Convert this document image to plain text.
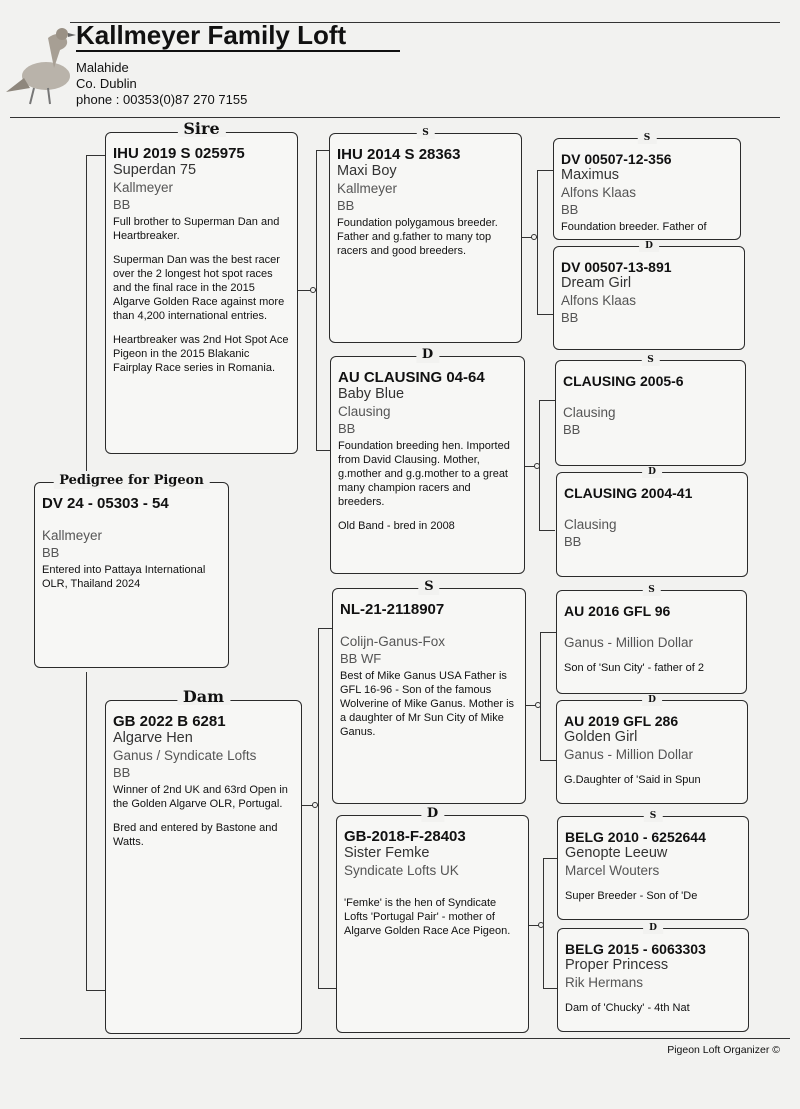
Kallmeyer Family Loft
Malahide
Co. Dublin
phone : 00353(0)87 270 7155
Pedigree for Pigeon
DV 24 - 05303 - 54
Kallmeyer
BB
Entered into Pattaya International OLR, Thailand 2024
Sire
IHU 2019 S 025975
Superdan 75
Kallmeyer
BB
Full brother to Superman Dan and Heartbreaker.
Superman Dan was the best racer over the 2 longest hot spot races and the final race in the 2015 Algarve Golden Race against more than 4,200 international entries.
Heartbreaker was 2nd Hot Spot Ace Pigeon in the 2015 Blakanic Fairplay Race series in Romania.
Dam
GB 2022 B 6281
Algarve Hen
Ganus / Syndicate Lofts
BB
Winner of 2nd UK and 63rd Open in the Golden Algarve OLR, Portugal.
Bred and entered by Bastone and Watts.
S
IHU 2014 S 28363
Maxi Boy
Kallmeyer
BB
Foundation polygamous breeder. Father and g.father to many top racers and good breeders.
D
AU CLAUSING 04-64
Baby Blue
Clausing
BB
Foundation breeding hen. Imported from David Clausing. Mother, g.mother and g.g.mother to a great many champion racers and breeders.
Old Band - bred in 2008
S
NL-21-2118907
Colijn-Ganus-Fox
BB WF
Best of Mike Ganus USA Father is GFL 16-96 - Son of the famous Wolverine of Mike Ganus. Mother is a daughter of Mr Sun City of Mike Ganus.
D
GB-2018-F-28403
Sister Femke
Syndicate Lofts UK
'Femke' is the hen of Syndicate Lofts 'Portugal Pair' - mother of Algarve Golden Race Ace Pigeon.
S
DV 00507-12-356
Maximus
Alfons Klaas
BB
Foundation breeder. Father of
D
DV 00507-13-891
Dream Girl
Alfons Klaas
BB
S
CLAUSING 2005-6
Clausing
BB
D
CLAUSING 2004-41
Clausing
BB
S
AU 2016 GFL 96
Ganus - Million Dollar
Son of 'Sun City' - father of 2
D
AU 2019 GFL 286
Golden Girl
Ganus - Million Dollar
G.Daughter of 'Said in Spun
S
BELG 2010 - 6252644
Genopte Leeuw
Marcel Wouters
Super Breeder - Son of 'De
D
BELG 2015 - 6063303
Proper Princess
Rik Hermans
Dam of 'Chucky' - 4th Nat
Pigeon Loft Organizer ©
